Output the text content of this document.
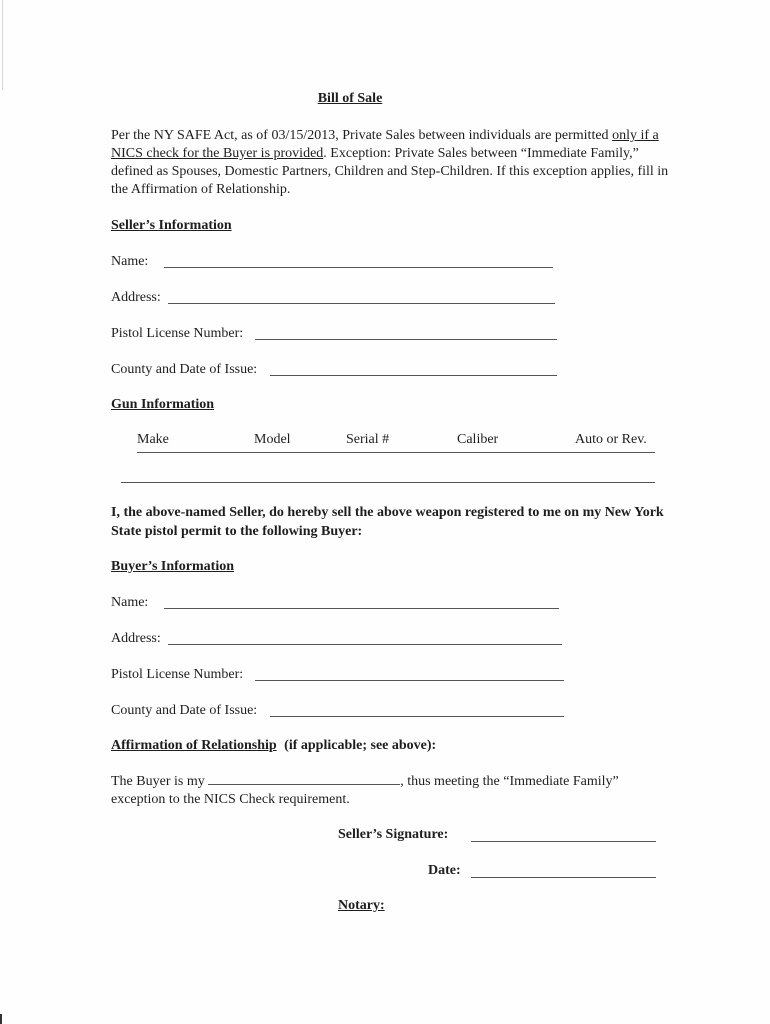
Bill of Sale
Per the NY SAFE Act, as of 03/15/2013, Private Sales between individuals are permitted only if a NICS check for the Buyer is provided. Exception: Private Sales between “Immediate Family,” defined as Spouses, Domestic Partners, Children and Step-Children. If this exception applies, fill in the Affirmation of Relationship.
Seller’s Information
Name:
Address:
Pistol License Number:
County and Date of Issue:
Gun Information
Make	Model	Serial #	Caliber	Auto or Rev.
I, the above-named Seller, do hereby sell the above weapon registered to me on my New York State pistol permit to the following Buyer:
Buyer’s Information
Name:
Address:
Pistol License Number:
County and Date of Issue:
Affirmation of Relationship (if applicable; see above):
The Buyer is my	, thus meeting the “Immediate Family” exception to the NICS Check requirement.
Seller’s Signature:
Date:
Notary:
